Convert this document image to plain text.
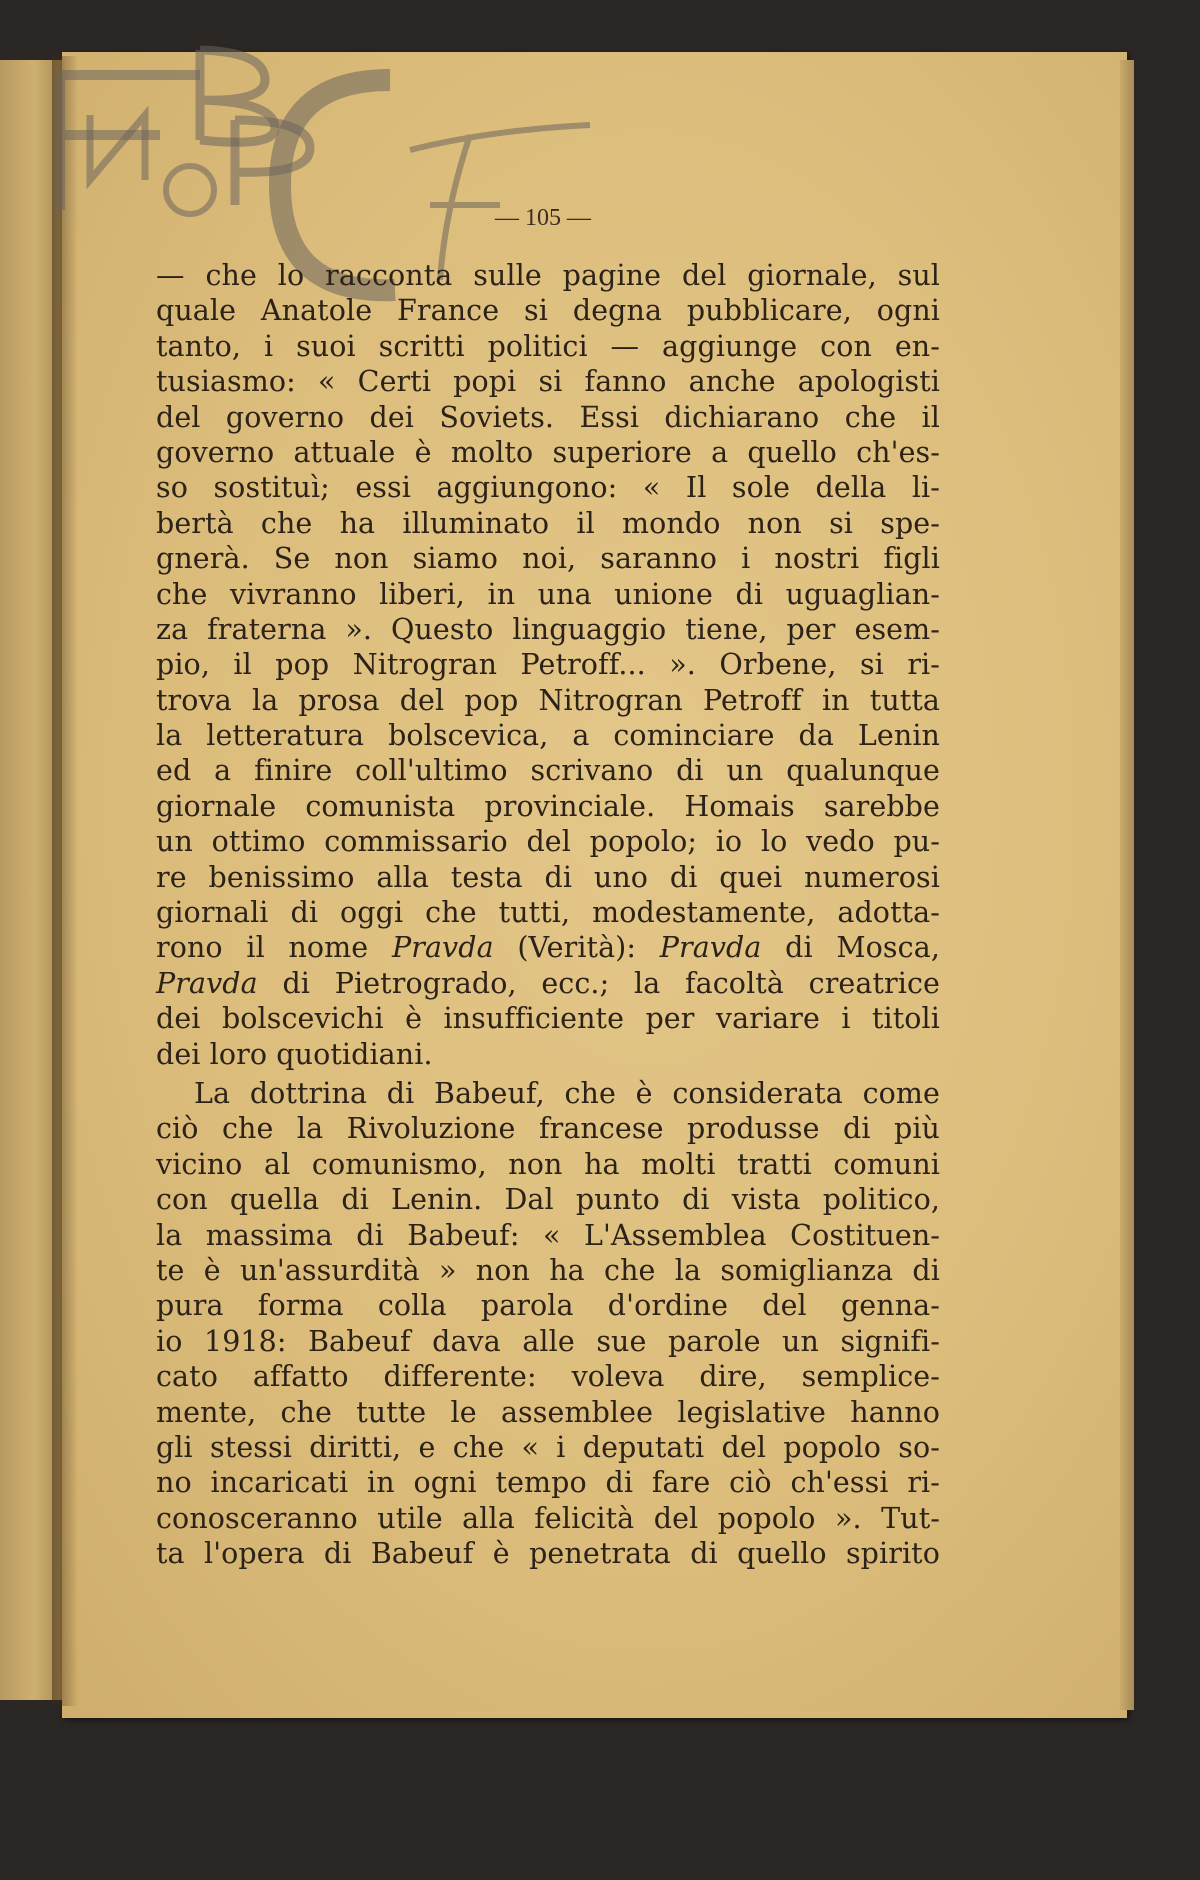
— 105 —
— che lo racconta sulle pagine del giornale, sul
quale Anatole France si degna pubblicare, ogni
tanto, i suoi scritti politici — aggiunge con en-
tusiasmo: « Certi popi si fanno anche apologisti
del governo dei Soviets. Essi dichiarano che il
governo attuale è molto superiore a quello ch'es-
so sostituì; essi aggiungono: « Il sole della li-
bertà che ha illuminato il mondo non si spe-
gnerà. Se non siamo noi, saranno i nostri figli
che vivranno liberi, in una unione di uguaglian-
za fraterna ». Questo linguaggio tiene, per esem-
pio, il pop Nitrogran Petroff... ». Orbene, si ri-
trova la prosa del pop Nitrogran Petroff in tutta
la letteratura bolscevica, a cominciare da Lenin
ed a finire coll'ultimo scrivano di un qualunque
giornale comunista provinciale. Homais sarebbe
un ottimo commissario del popolo; io lo vedo pu-
re benissimo alla testa di uno di quei numerosi
giornali di oggi che tutti, modestamente, adotta-
rono il nome Pravda (Verità): Pravda di Mosca,
Pravda di Pietrogrado, ecc.; la facoltà creatrice
dei bolscevichi è insufficiente per variare i titoli
dei loro quotidiani.
La dottrina di Babeuf, che è considerata come
ciò che la Rivoluzione francese produsse di più
vicino al comunismo, non ha molti tratti comuni
con quella di Lenin. Dal punto di vista politico,
la massima di Babeuf: « L'Assemblea Costituen-
te è un'assurdità » non ha che la somiglianza di
pura forma colla parola d'ordine del genna-
io 1918: Babeuf dava alle sue parole un signifi-
cato affatto differente: voleva dire, semplice-
mente, che tutte le assemblee legislative hanno
gli stessi diritti, e che « i deputati del popolo so-
no incaricati in ogni tempo di fare ciò ch'essi ri-
conosceranno utile alla felicità del popolo ». Tut-
ta l'opera di Babeuf è penetrata di quello spirito
